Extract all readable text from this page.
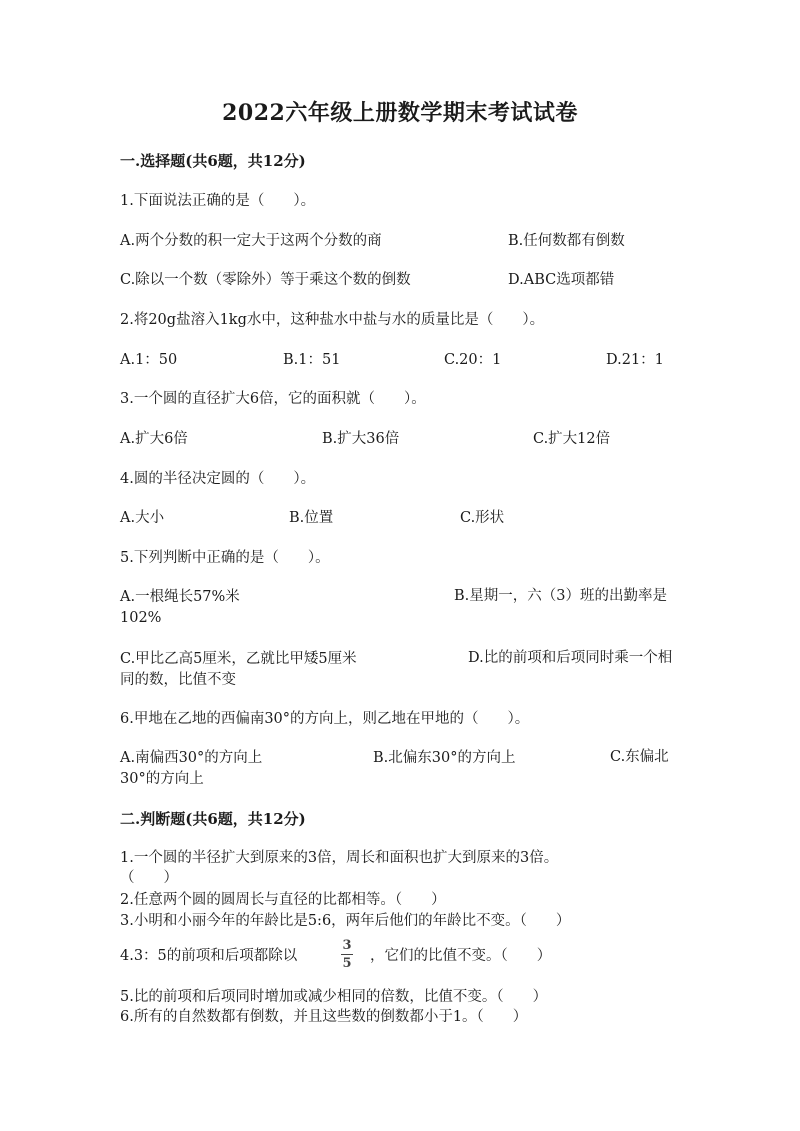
2022六年级上册数学期末考试试卷
一.选择题(共6题，共12分)
1.下面说法正确的是（　　）。
A.两个分数的积一定大于这两个分数的商	B.任何数都有倒数
C.除以一个数（零除外）等于乘这个数的倒数	D.ABC选项都错
2.将20g盐溶入1kg水中，这种盐水中盐与水的质量比是（　　）。
A.1：50	B.1：51	C.20：1	D.21：1
3.一个圆的直径扩大6倍，它的面积就（　　）。
A.扩大6倍	B.扩大36倍	C.扩大12倍
4.圆的半径决定圆的（　　）。
A.大小	B.位置	C.形状
5.下列判断中正确的是（　　）。
A.一根绳长57%米	B.星期一，六（3）班的出勤率是102%
C.甲比乙高5厘米，乙就比甲矮5厘米	D.比的前项和后项同时乘一个相同的数，比值不变
6.甲地在乙地的西偏南30°的方向上，则乙地在甲地的（　　）。
A.南偏西30°的方向上	B.北偏东30°的方向上	C.东偏北30°的方向上
二.判断题(共6题，共12分)
1.一个圆的半径扩大到原来的3倍，周长和面积也扩大到原来的3倍。
（　　）
2.任意两个圆的圆周长与直径的比都相等。（　　）
3.小明和小丽今年的年龄比是5:6，两年后他们的年龄比不变。（　　）
4.3：5的前项和后项都除以
3
5 ，它们的比值不变。（　　）
5.比的前项和后项同时增加或减少相同的倍数，比值不变。（　　）
6.所有的自然数都有倒数，并且这些数的倒数都小于1。（　　）
